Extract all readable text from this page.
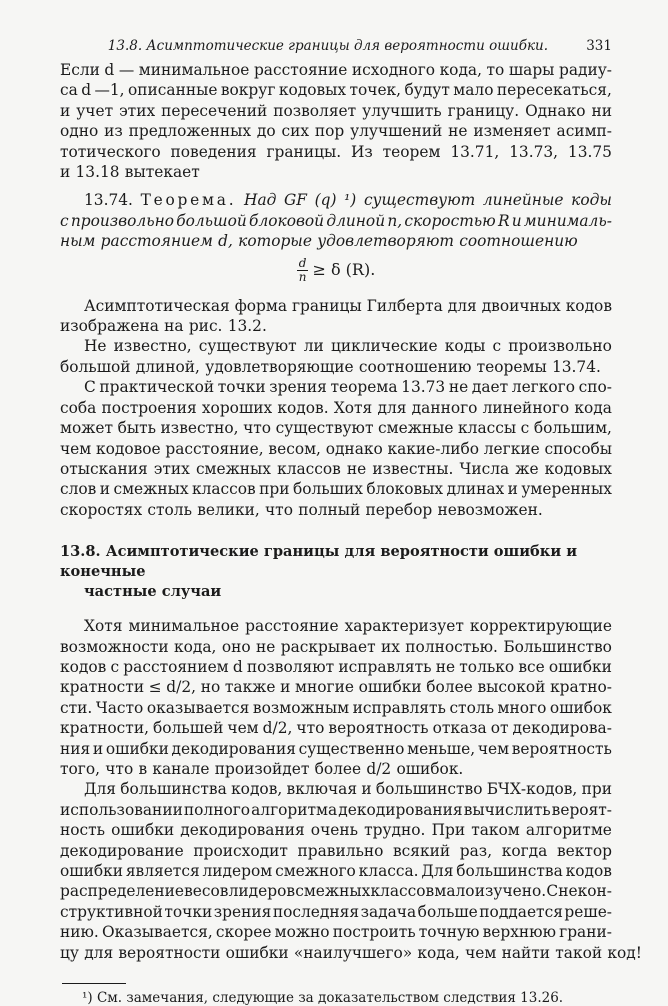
13.8. Асимптотические границы для вероятности ошибки.	331
Если d — минимальное расстояние исходного кода, то шары радиу-
са d —1, описанные вокруг кодовых точек, будут мало пересекаться,
и учет этих пересечений позволяет улучшить границу. Однако ни
одно из предложенных до сих пор улучшений не изменяет асимп-
тотического поведения границы. Из теорем 13.71, 13.73, 13.75
и 13.18 вытекает
13.74. Теорема. Над GF (q) ¹) существуют линейные коды
с произвольно большой блоковой длиной n, скоростью R и минималь-
ным расстоянием d, которые удовлетворяют соотношению
$\frac{d}{n} \ge \delta$ (R).
Асимптотическая форма границы Гилберта для двоичных кодов
изображена на рис. 13.2.
Не известно, существуют ли циклические коды с произвольно
большой длиной, удовлетворяющие соотношению теоремы 13.74.
С практической точки зрения теорема 13.73 не дает легкого спо-
соба построения хороших кодов. Хотя для данного линейного кода
может быть известно, что существуют смежные классы с большим,
чем кодовое расстояние, весом, однако какие-либо легкие способы
отыскания этих смежных классов не известны. Числа же кодовых
слов и смежных классов при больших блоковых длинах и умеренных
скоростях столь велики, что полный перебор невозможен.
13.8. Асимптотические границы для вероятности ошибки и конечные
частные случаи
Хотя минимальное расстояние характеризует корректирующие
возможности кода, оно не раскрывает их полностью. Большинство
кодов с расстоянием d позволяют исправлять не только все ошибки
кратности ≤ d/2, но также и многие ошибки более высокой кратно-
сти. Часто оказывается возможным исправлять столь много ошибок
кратности, большей чем d/2, что вероятность отказа от декодирова-
ния и ошибки декодирования существенно меньше, чем вероятность
того, что в канале произойдет более d/2 ошибок.
Для большинства кодов, включая и большинство БЧХ-кодов, при
использовании полного алгоритма декодирования вычислить вероят-
ность ошибки декодирования очень трудно. При таком алгоритме
декодирование происходит правильно всякий раз, когда вектор
ошибки является лидером смежного класса. Для большинства кодов
распределение весов лидеров смежных классов мало изучено. С некон-
структивной точки зрения последняя задача больше поддается реше-
нию. Оказывается, скорее можно построить точную верхнюю грани-
цу для вероятности ошибки «наилучшего» кода, чем найти такой код!
¹) См. замечания, следующие за доказательством следствия 13.26.
